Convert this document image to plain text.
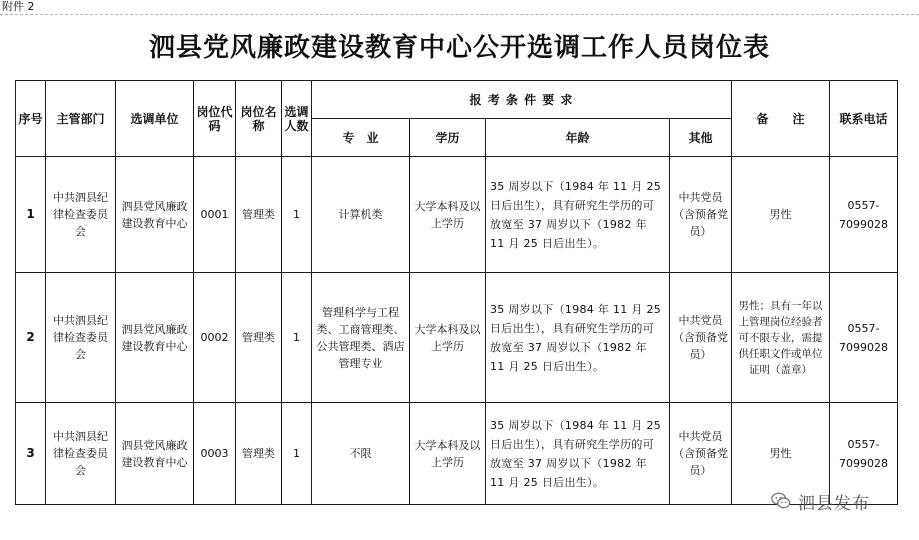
附件 2
泗县党风廉政建设教育中心公开选调工作人员岗位表
序号	主管部门	选调单位	岗位代码	岗位名称	选调人数	报 考 条 件 要 求				备　　注	联系电话
						专　业	学历	年龄	其他		
1	中共泗县纪律检查委员会	泗县党风廉政建设教育中心	0001	管理类	1	计算机类	大学本科及以上学历	35 周岁以下（1984 年 11 月 25 日后出生），具有研究生学历的可放宽至 37 周岁以下（1982 年 11 月 25 日后出生）。	中共党员（含预备党员）	男性	0557-7099028
2	中共泗县纪律检查委员会	泗县党风廉政建设教育中心	0002	管理类	1	管理科学与工程类、工商管理类、公共管理类、酒店管理专业	大学本科及以上学历	35 周岁以下（1984 年 11 月 25 日后出生），具有研究生学历的可放宽至 37 周岁以下（1982 年 11 月 25 日后出生）。	中共党员（含预备党员）	男性；具有一年以上管理岗位经验者可不限专业，需提供任职文件或单位证明（盖章）	0557-7099028
3	中共泗县纪律检查委员会	泗县党风廉政建设教育中心	0003	管理类	1	不限	大学本科及以上学历	35 周岁以下（1984 年 11 月 25 日后出生），具有研究生学历的可放宽至 37 周岁以下（1982 年 11 月 25 日后出生）。	中共党员（含预备党员）	男性	0557-7099028
泗县发布
